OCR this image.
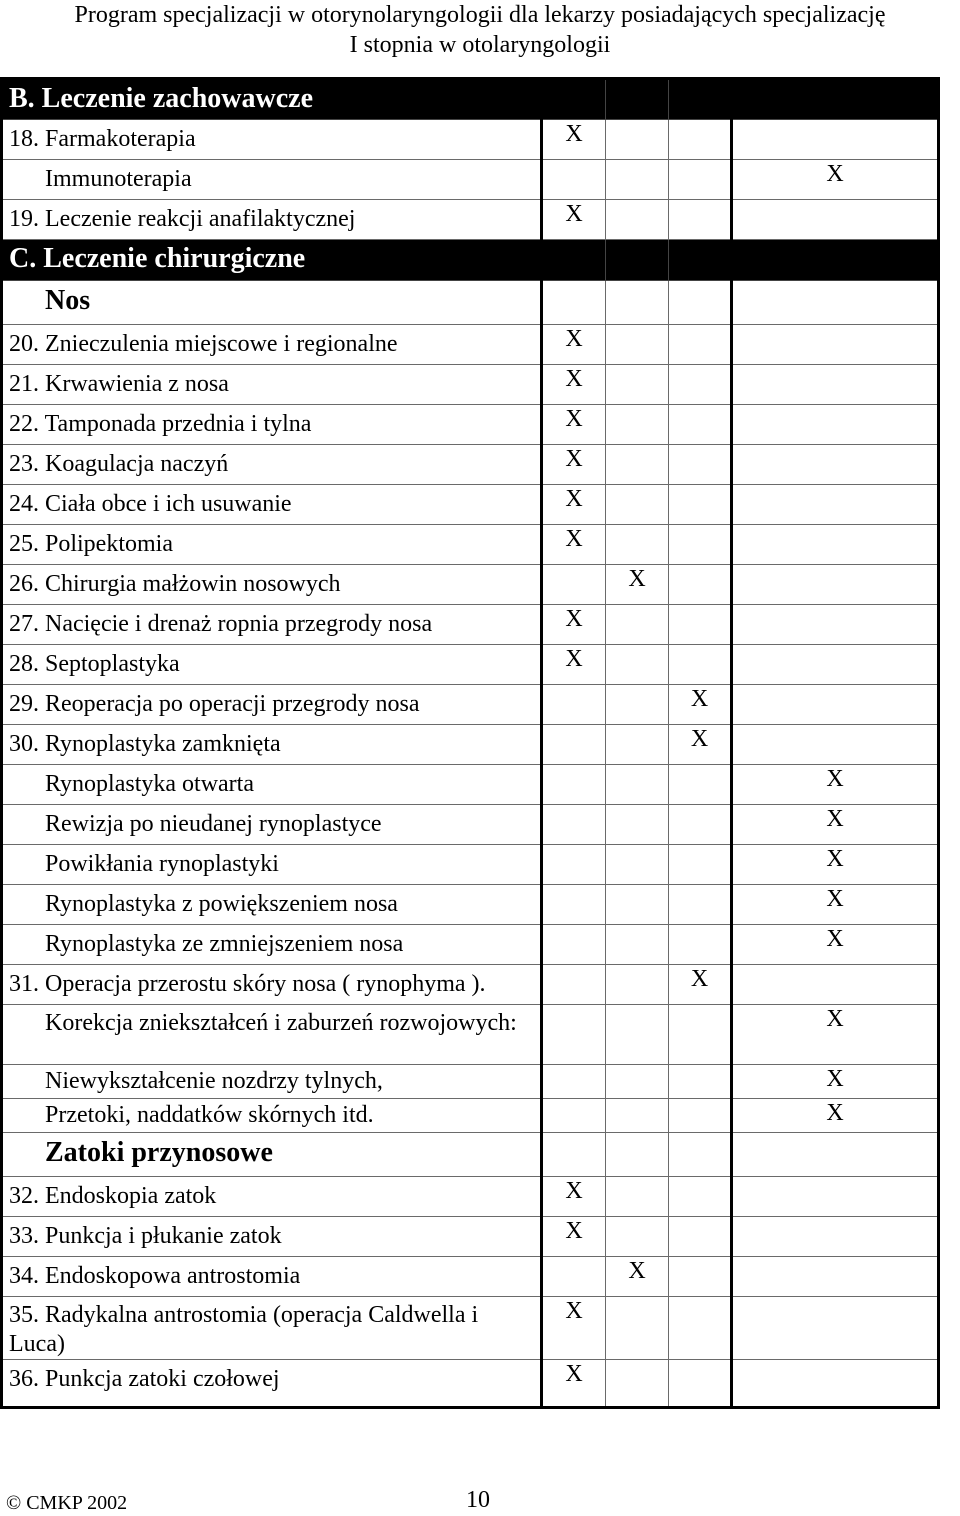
Program specjalizacji w otorynolaryngologii dla lekarzy posiadających specjalizację
I stopnia w otolaryngologii
B. Leczenie zachowawcze				
18. Farmakoterapia	X			
Immunoterapia				X
19. Leczenie reakcji anafilaktycznej	X			
C. Leczenie chirurgiczne				
Nos				
20. Znieczulenia miejscowe i regionalne	X			
21. Krwawienia z nosa	X			
22. Tamponada przednia i tylna	X			
23. Koagulacja naczyń	X			
24. Ciała obce i ich usuwanie	X			
25. Polipektomia	X			
26. Chirurgia małżowin nosowych		X		
27. Nacięcie i drenaż ropnia przegrody nosa	X			
28. Septoplastyka	X			
29. Reoperacja po operacji przegrody nosa			X	
30. Rynoplastyka zamknięta			X	
Rynoplastyka otwarta				X
Rewizja po nieudanej rynoplastyce				X
Powikłania rynoplastyki				X
Rynoplastyka z powiększeniem nosa				X
Rynoplastyka ze zmniejszeniem nosa				X
31. Operacja przerostu skóry nosa ( rynophyma ).			X	
Korekcja zniekształceń i zaburzeń rozwojowych:				X
Niewykształcenie nozdrzy tylnych,				X
Przetoki, naddatków skórnych itd.				X
Zatoki przynosowe				
32. Endoskopia zatok	X			
33. Punkcja i płukanie zatok	X			
34. Endoskopowa antrostomia		X		
35. Radykalna antrostomia (operacja Caldwella i Luca)	X			
36. Punkcja zatoki czołowej	X			
© CMKP 2002	10
